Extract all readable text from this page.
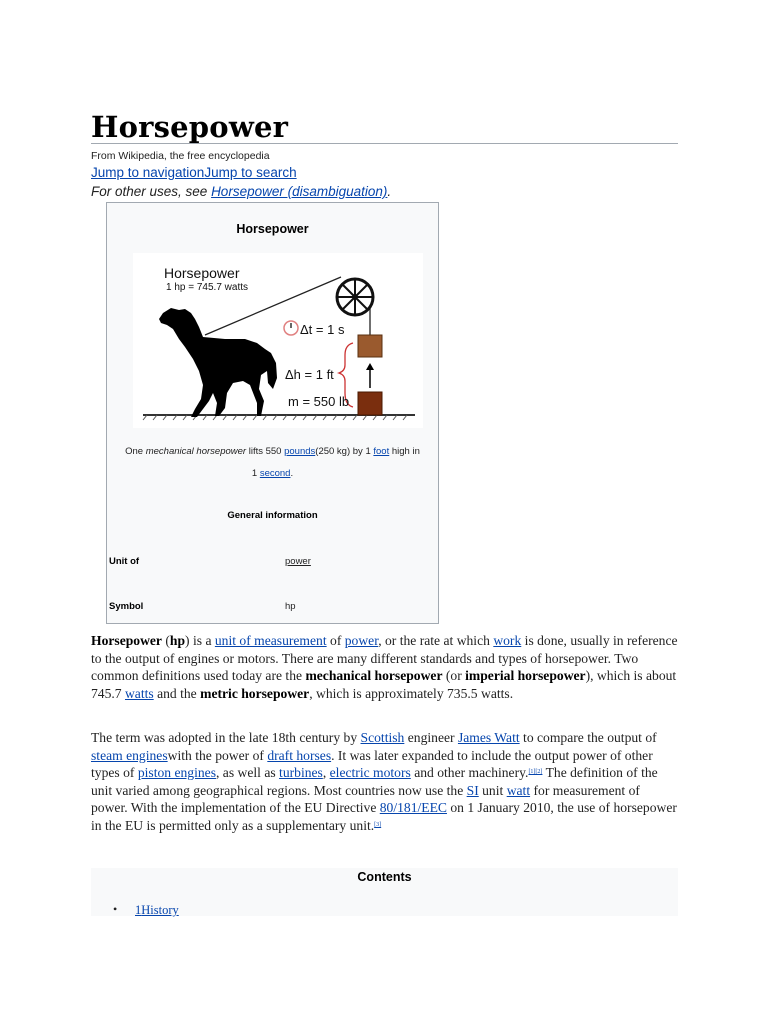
Horsepower
From Wikipedia, the free encyclopedia
Jump to navigationJump to search
For other uses, see Horsepower (disambiguation).
Horsepower
Horsepower
1 hp = 745.7 watts
Δt = 1 s
Δh = 1 ft
m = 550 lb
One mechanical horsepower lifts 550 pounds(250 kg) by 1 foot high in
1 second.
General information
Unit of	power
Symbol	hp
Horsepower (hp) is a unit of measurement of power, or the rate at which work is done, usually in reference to the output of engines or motors. There are many different standards and types of horsepower. Two common definitions used today are the mechanical horsepower (or imperial horsepower), which is about 745.7 watts and the metric horsepower, which is approximately 735.5 watts.
The term was adopted in the late 18th century by Scottish engineer James Watt to compare the output of steam engineswith the power of draft horses. It was later expanded to include the output power of other types of piston engines, as well as turbines, electric motors and other machinery.[1][2] The definition of the unit varied among geographical regions. Most countries now use the SI unit watt for measurement of power. With the implementation of the EU Directive 80/181/EEC on 1 January 2010, the use of horsepower in the EU is permitted only as a supplementary unit.[3]
Contents
• 1History
